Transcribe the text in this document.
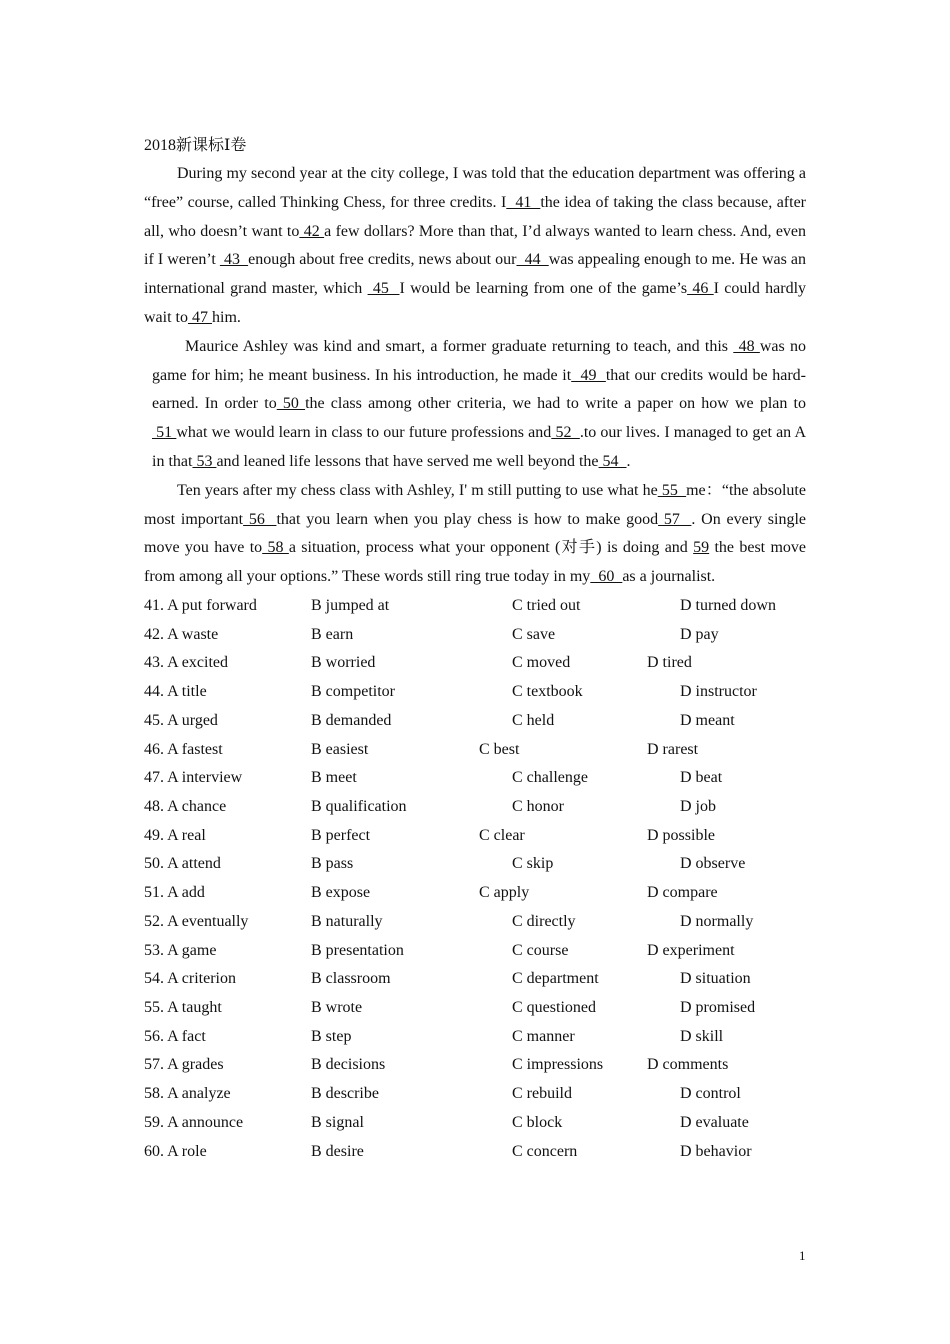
2018新课标Ⅰ卷

During my second year at the city college, I was told that the education department was offering a “free” course, called Thinking Chess, for three credits. I  41  the idea of taking the class because, after all, who doesn’t want to 42 a few dollars? More than that, I’d always wanted to learn chess. And, even if I weren’t  43  enough about free credits, news about our  44  was appealing enough to me. He was an international grand master, which  45  I would be learning from one of the game’s 46 I could hardly wait to 47 him.

Maurice Ashley was kind and smart, a former graduate returning to teach, and this  48 was no game for him; he meant business. In his introduction, he made it  49  that our credits would be hard-earned. In order to 50 the class among other criteria, we had to write a paper on how we plan to 51 what we would learn in class to our future professions and 52  .to our lives. I managed to get an A in that 53 and leaned life lessons that have served me well beyond the 54  .

Ten years after my chess class with Ashley, I' m still putting to use what he 55  me：“the absolute most important 56  that you learn when you play chess is how to make good 57  . On every single move you have to 58 a situation, process what your opponent (对手) is doing and 59 the best move from among all your options.” These words still ring true today in my  60  as a journalist.

41. A put forward	B jumped at	C tried out	D turned down
42. A waste	B earn	C save	D pay
43. A excited	B worried	C moved	D tired
44. A title	B competitor	C textbook	D instructor
45. A urged	B demanded	C held	D meant
46. A fastest	B easiest	C best	D rarest
47. A interview	B meet	C challenge	D beat
48. A chance	B qualification	C honor	D job
49. A real	B perfect	C clear	D possible
50. A attend	B pass	C skip	D observe
51. A add	B expose	C apply	D compare
52. A eventually	B naturally	C directly	D normally
53. A game	B presentation	C course	D experiment
54. A criterion	B classroom	C department	D situation
55. A taught	B wrote	C questioned	D promised
56. A fact	B step	C manner	D skill
57. A grades	B decisions	C impressions	D comments
58. A analyze	B describe	C rebuild	D control
59. A announce	B signal	C block	D evaluate
60. A role	B desire	C concern	D behavior
1
